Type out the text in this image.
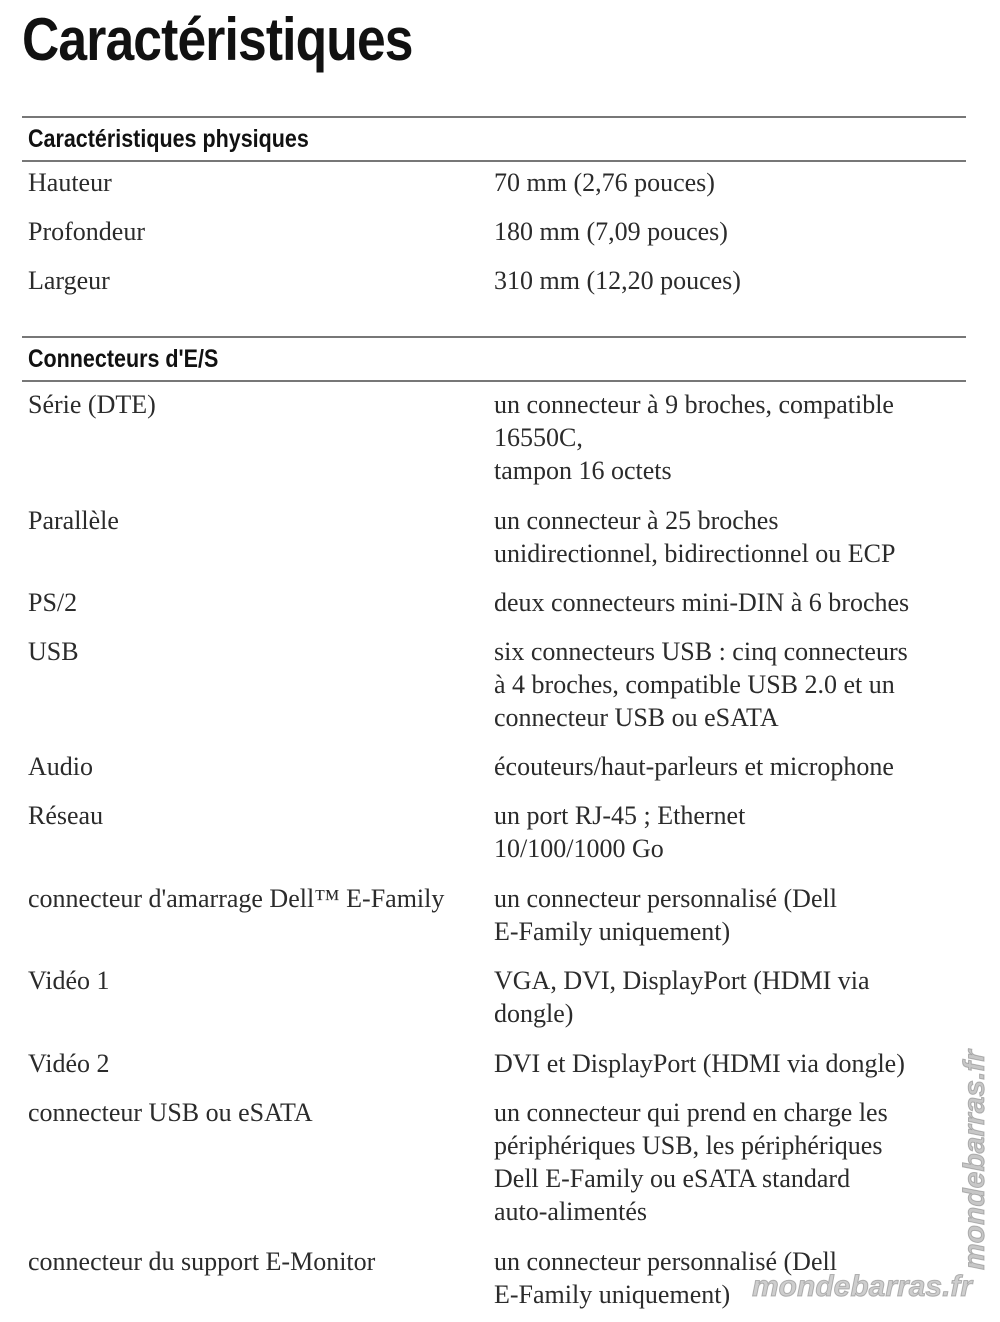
Caractéristiques
Caractéristiques physiques
Hauteur	70 mm (2,76 pouces)
Profondeur	180 mm (7,09 pouces)
Largeur	310 mm (12,20 pouces)
Connecteurs d'E/S
Série (DTE)	un connecteur à 9 broches, compatible
16550C,
tampon 16 octets
Parallèle	un connecteur à 25 broches
unidirectionnel, bidirectionnel ou ECP
PS/2	deux connecteurs mini-DIN à 6 broches
USB	six connecteurs USB : cinq connecteurs
à 4 broches, compatible USB 2.0 et un
connecteur USB ou eSATA
Audio	écouteurs/haut-parleurs et microphone
Réseau	un port RJ-45 ; Ethernet
10/100/1000 Go
connecteur d'amarrage Dell™ E-Family	un connecteur personnalisé (Dell
E-Family uniquement)
Vidéo 1	VGA, DVI, DisplayPort (HDMI via
dongle)
Vidéo 2	DVI et DisplayPort (HDMI via dongle)
connecteur USB ou eSATA	un connecteur qui prend en charge les
périphériques USB, les périphériques
Dell E-Family ou eSATA standard
auto-alimentés
connecteur du support E-Monitor	un connecteur personnalisé (Dell
E-Family uniquement)
mondebarras.fr
mondebarras.fr
